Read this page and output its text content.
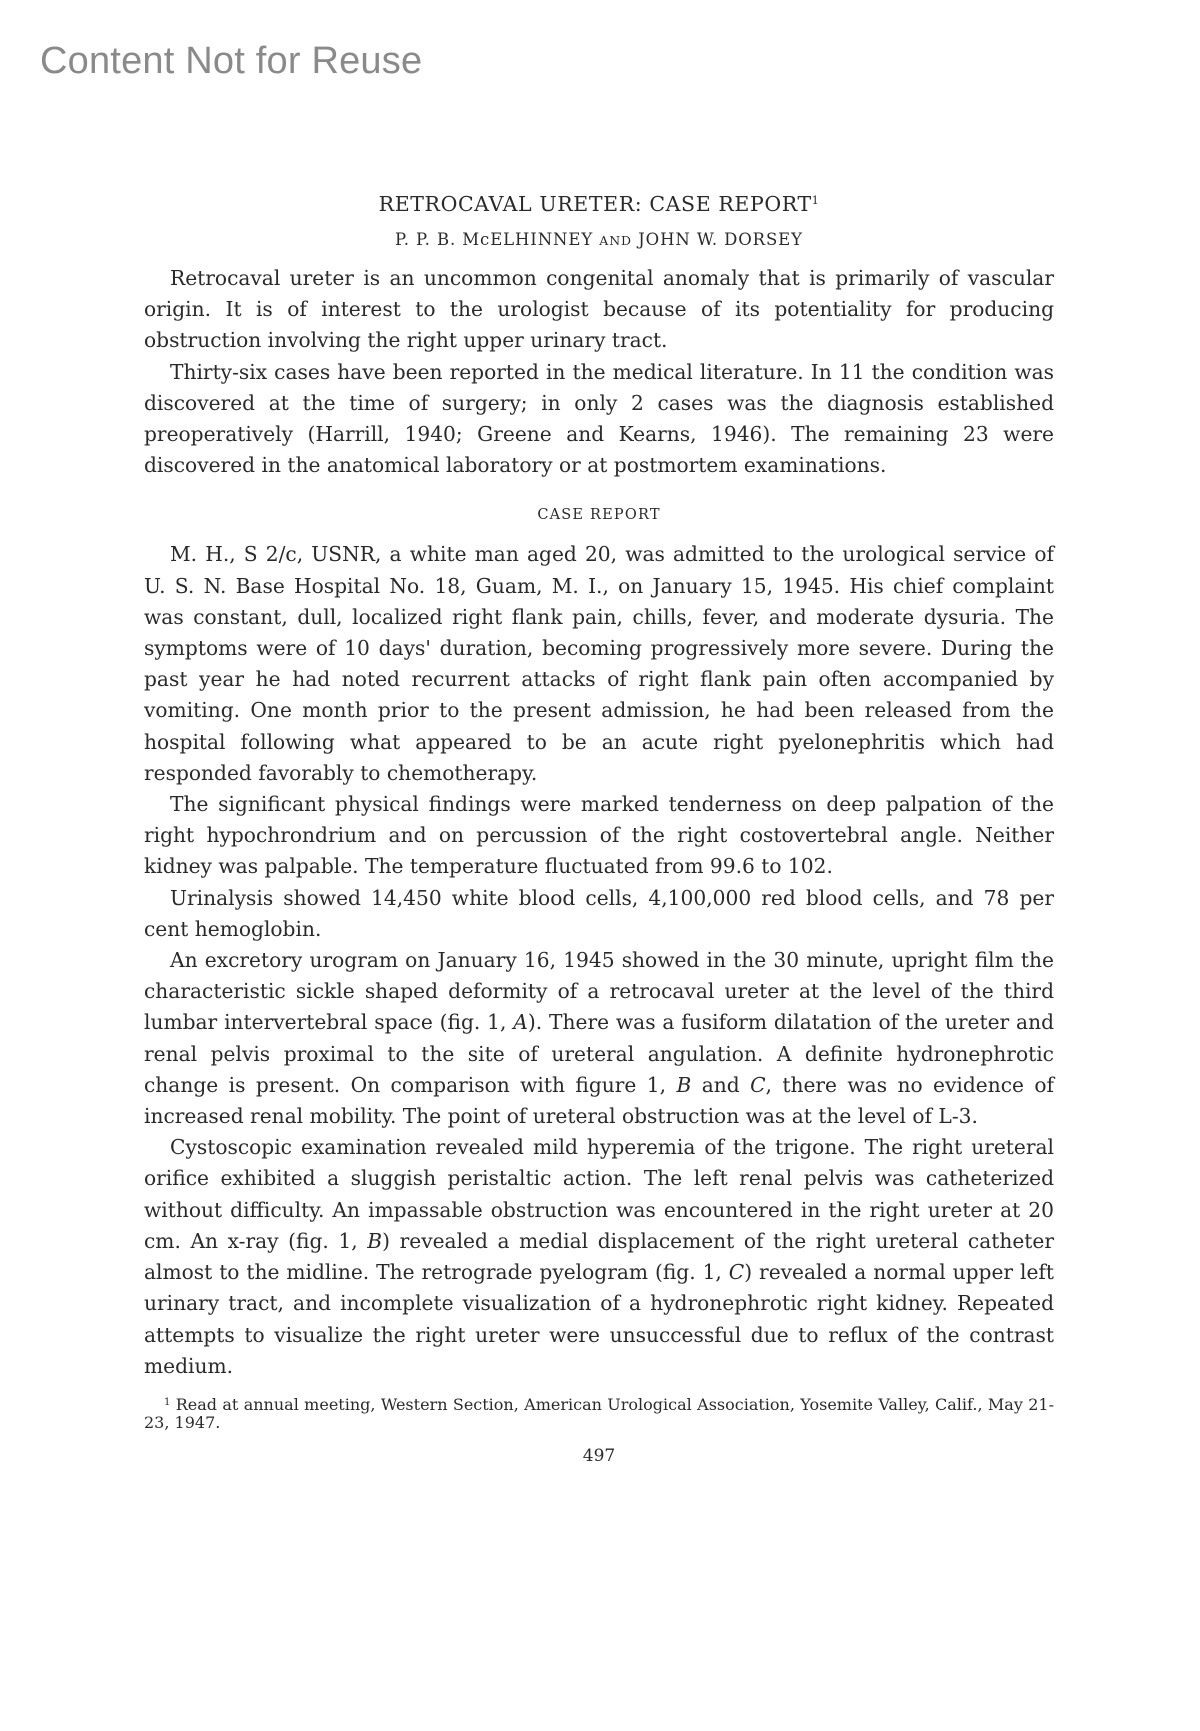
Content Not for Reuse
RETROCAVAL URETER: CASE REPORT$^1$
P. P. B. McELHINNEY AND JOHN W. DORSEY

Retrocaval ureter is an uncommon congenital anomaly that is primarily of vascular origin. It is of interest to the urologist because of its potentiality for producing obstruction involving the right upper urinary tract.

Thirty-six cases have been reported in the medical literature. In 11 the condition was discovered at the time of surgery; in only 2 cases was the diagnosis established preoperatively (Harrill, 1940; Greene and Kearns, 1946). The remaining 23 were discovered in the anatomical laboratory or at postmortem examinations.

CASE REPORT

M. H., S 2/c, USNR, a white man aged 20, was admitted to the urological service of U. S. N. Base Hospital No. 18, Guam, M. I., on January 15, 1945. His chief complaint was constant, dull, localized right flank pain, chills, fever, and moderate dysuria. The symptoms were of 10 days' duration, becoming progressively more severe. During the past year he had noted recurrent attacks of right flank pain often accompanied by vomiting. One month prior to the present admission, he had been released from the hospital following what appeared to be an acute right pyelonephritis which had responded favorably to chemotherapy.

The significant physical findings were marked tenderness on deep palpation of the right hypochrondrium and on percussion of the right costovertebral angle. Neither kidney was palpable. The temperature fluctuated from 99.6 to 102.

Urinalysis showed 14,450 white blood cells, 4,100,000 red blood cells, and 78 per cent hemoglobin.

An excretory urogram on January 16, 1945 showed in the 30 minute, upright film the characteristic sickle shaped deformity of a retrocaval ureter at the level of the third lumbar intervertebral space (fig. 1, A). There was a fusiform dilatation of the ureter and renal pelvis proximal to the site of ureteral angulation. A definite hydronephrotic change is present. On comparison with figure 1, B and C, there was no evidence of increased renal mobility. The point of ureteral obstruction was at the level of L-3.

Cystoscopic examination revealed mild hyperemia of the trigone. The right ureteral orifice exhibited a sluggish peristaltic action. The left renal pelvis was catheterized without difficulty. An impassable obstruction was encountered in the right ureter at 20 cm. An x-ray (fig. 1, B) revealed a medial displacement of the right ureteral catheter almost to the midline. The retrograde pyelogram (fig. 1, C) revealed a normal upper left urinary tract, and incomplete visualization of a hydronephrotic right kidney. Repeated attempts to visualize the right ureter were unsuccessful due to reflux of the contrast medium.

$^1$ Read at annual meeting, Western Section, American Urological Association, Yosemite Valley, Calif., May 21-23, 1947.

497
